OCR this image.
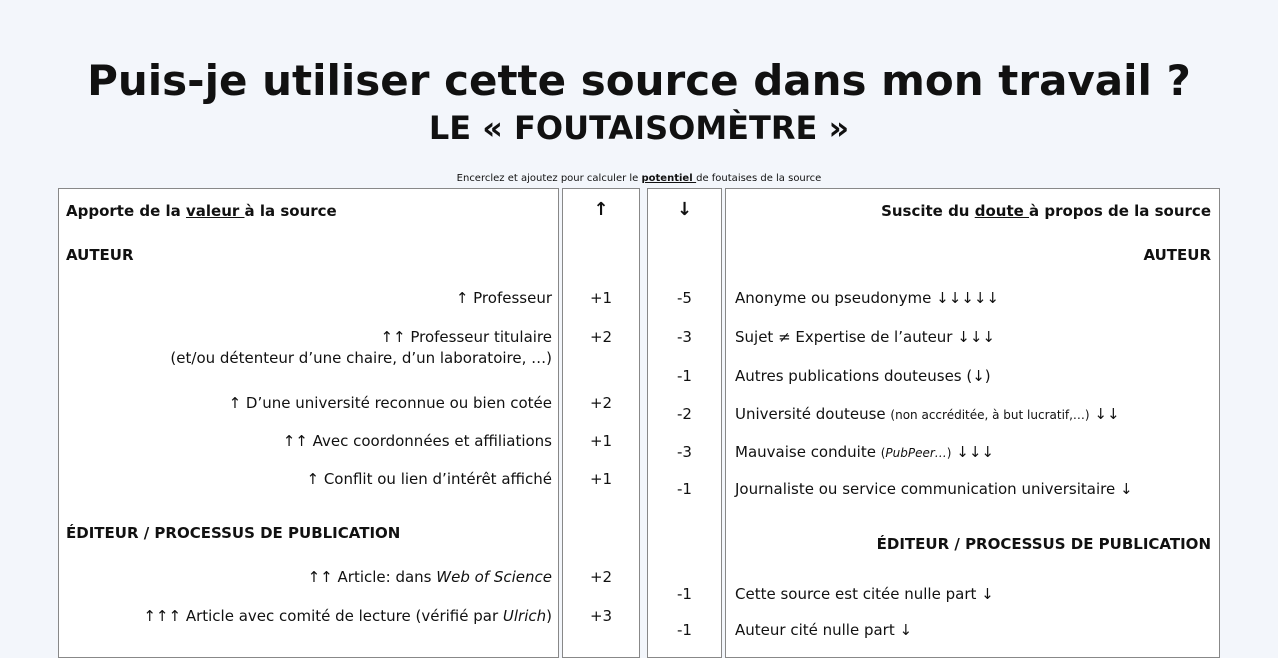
Puis-je utiliser cette source dans mon travail ?
LE « FOUTAISOMÈTRE »
Encerclez et ajoutez pour calculer le potentiel de foutaises de la source
Apporte de la valeur à la source
AUTEUR
↑ Professeur
↑↑ Professeur titulaire
(et/ou détenteur d’une chaire, d’un laboratoire, …)
↑ D’une université reconnue ou bien cotée
↑↑ Avec coordonnées et affiliations
↑ Conflit ou lien d’intérêt affiché
ÉDITEUR / PROCESSUS DE PUBLICATION
↑↑ Article: dans Web of Science
↑↑↑ Article avec comité de lecture (vérifié par Ulrich)
↑
+1
+2
+2
+1
+1
+2
+3
↓
-5
-3
-1
-2
-3
-1
-1
-1
Suscite du doute à propos de la source
AUTEUR
Anonyme ou pseudonyme ↓↓↓↓↓
Sujet ≠ Expertise de l’auteur ↓↓↓
Autres publications douteuses (↓)
Université douteuse (non accréditée, à but lucratif,…) ↓↓
Mauvaise conduite (PubPeer…) ↓↓↓
Journaliste ou service communication universitaire ↓
ÉDITEUR / PROCESSUS DE PUBLICATION
Cette source est citée nulle part ↓
Auteur cité nulle part ↓
